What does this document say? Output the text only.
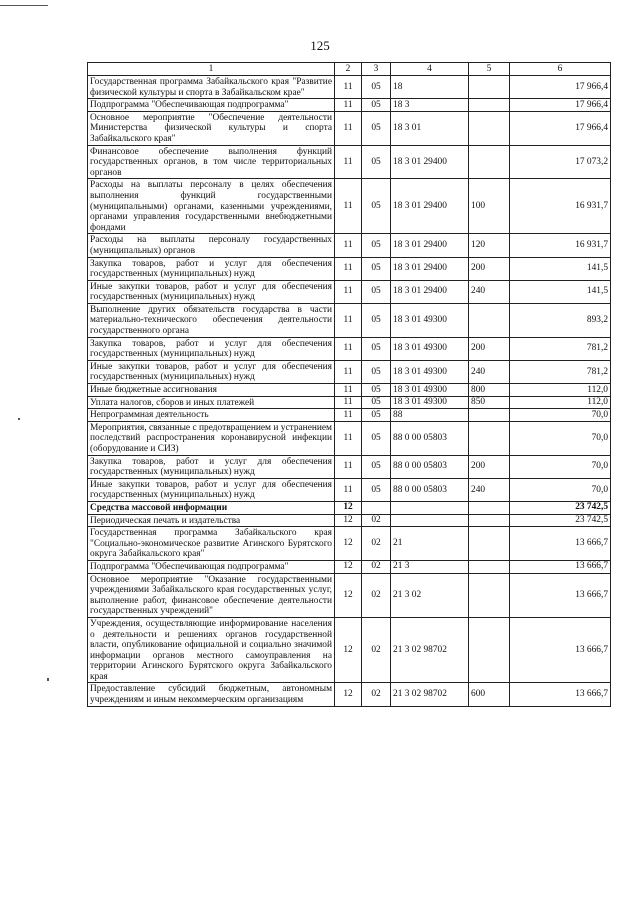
125
1	2	3	4	5	6
Государственная программа Забайкальского края "Развитие физической культуры и спорта в Забайкальском крае"	11	05	18		17 966,4
Подпрограмма "Обеспечивающая подпрограмма"	11	05	18 3		17 966,4
Основное мероприятие "Обеспечение деятельности Министерства физической культуры и спорта Забайкальского края"	11	05	18 3 01		17 966,4
Финансовое обеспечение выполнения функций государственных органов, в том числе территориальных органов	11	05	18 3 01 29400		17 073,2
Расходы на выплаты персоналу в целях обеспечения выполнения функций государственными (муниципальными) органами, казенными учреждениями, органами управления государственными внебюджетными фондами	11	05	18 3 01 29400	100	16 931,7
Расходы на выплаты персоналу государственных (муниципальных) органов	11	05	18 3 01 29400	120	16 931,7
Закупка товаров, работ и услуг для обеспечения государственных (муниципальных) нужд	11	05	18 3 01 29400	200	141,5
Иные закупки товаров, работ и услуг для обеспечения государственных (муниципальных) нужд	11	05	18 3 01 29400	240	141,5
Выполнение других обязательств государства в части материально-технического обеспечения деятельности государственного органа	11	05	18 3 01 49300		893,2
Закупка товаров, работ и услуг для обеспечения государственных (муниципальных) нужд	11	05	18 3 01 49300	200	781,2
Иные закупки товаров, работ и услуг для обеспечения государственных (муниципальных) нужд	11	05	18 3 01 49300	240	781,2
Иные бюджетные ассигнования	11	05	18 3 01 49300	800	112,0
Уплата налогов, сборов и иных платежей	11	05	18 3 01 49300	850	112,0
Непрограммная деятельность	11	05	88		70,0
Мероприятия, связанные с предотвращением и устранением последствий распространения коронавирусной инфекции (оборудование и СИЗ)	11	05	88 0 00 05803		70,0
Закупка товаров, работ и услуг для обеспечения государственных (муниципальных) нужд	11	05	88 0 00 05803	200	70,0
Иные закупки товаров, работ и услуг для обеспечения государственных (муниципальных) нужд	11	05	88 0 00 05803	240	70,0
Средства массовой информации	12				23 742,5
Периодическая печать и издательства	12	02			23 742,5
Государственная программа Забайкальского края "Социально-экономическое развитие Агинского Бурятского округа Забайкальского края"	12	02	21		13 666,7
Подпрограмма "Обеспечивающая подпрограмма"	12	02	21 3		13 666,7
Основное мероприятие "Оказание государственными учреждениями Забайкальского края государственных услуг, выполнение работ, финансовое обеспечение деятельности государственных учреждений"	12	02	21 3 02		13 666,7
Учреждения, осуществляющие информирование населения о деятельности и решениях органов государственной власти, опубликование официальной и социально значимой информации органов местного самоуправления на территории Агинского Бурятского округа Забайкальского края	12	02	21 3 02 98702		13 666,7
Предоставление субсидий бюджетным, автономным учреждениям и иным некоммерческим организациям	12	02	21 3 02 98702	600	13 666,7
